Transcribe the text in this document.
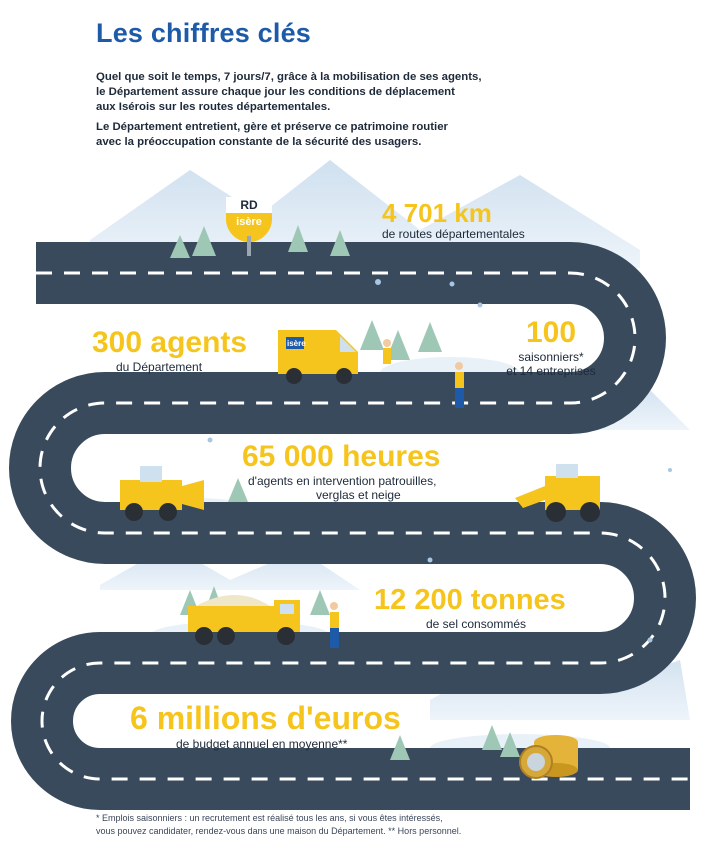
Les chiffres clés

Quel que soit le temps, 7 jours/7, grâce à la mobilisation de ses agents,
le Département assure chaque jour les conditions de déplacement
aux Isérois sur les routes départementales.

Le Département entretient, gère et préserve ce patrimoine routier
avec la préoccupation constante de la sécurité des usagers.

RD
isère
isère
4 701 km
de routes départementales
300 agents
du Département
100
saisonniers*
et 14 entreprises
65 000 heures
d'agents en intervention patrouilles,
verglas et neige
12 200 tonnes
de sel consommés
6 millions d'euros
de budget annuel en moyenne**
* Emplois saisonniers : un recrutement est réalisé tous les ans, si vous êtes intéressés,
vous pouvez candidater, rendez-vous dans une maison du Département. ** Hors personnel.
